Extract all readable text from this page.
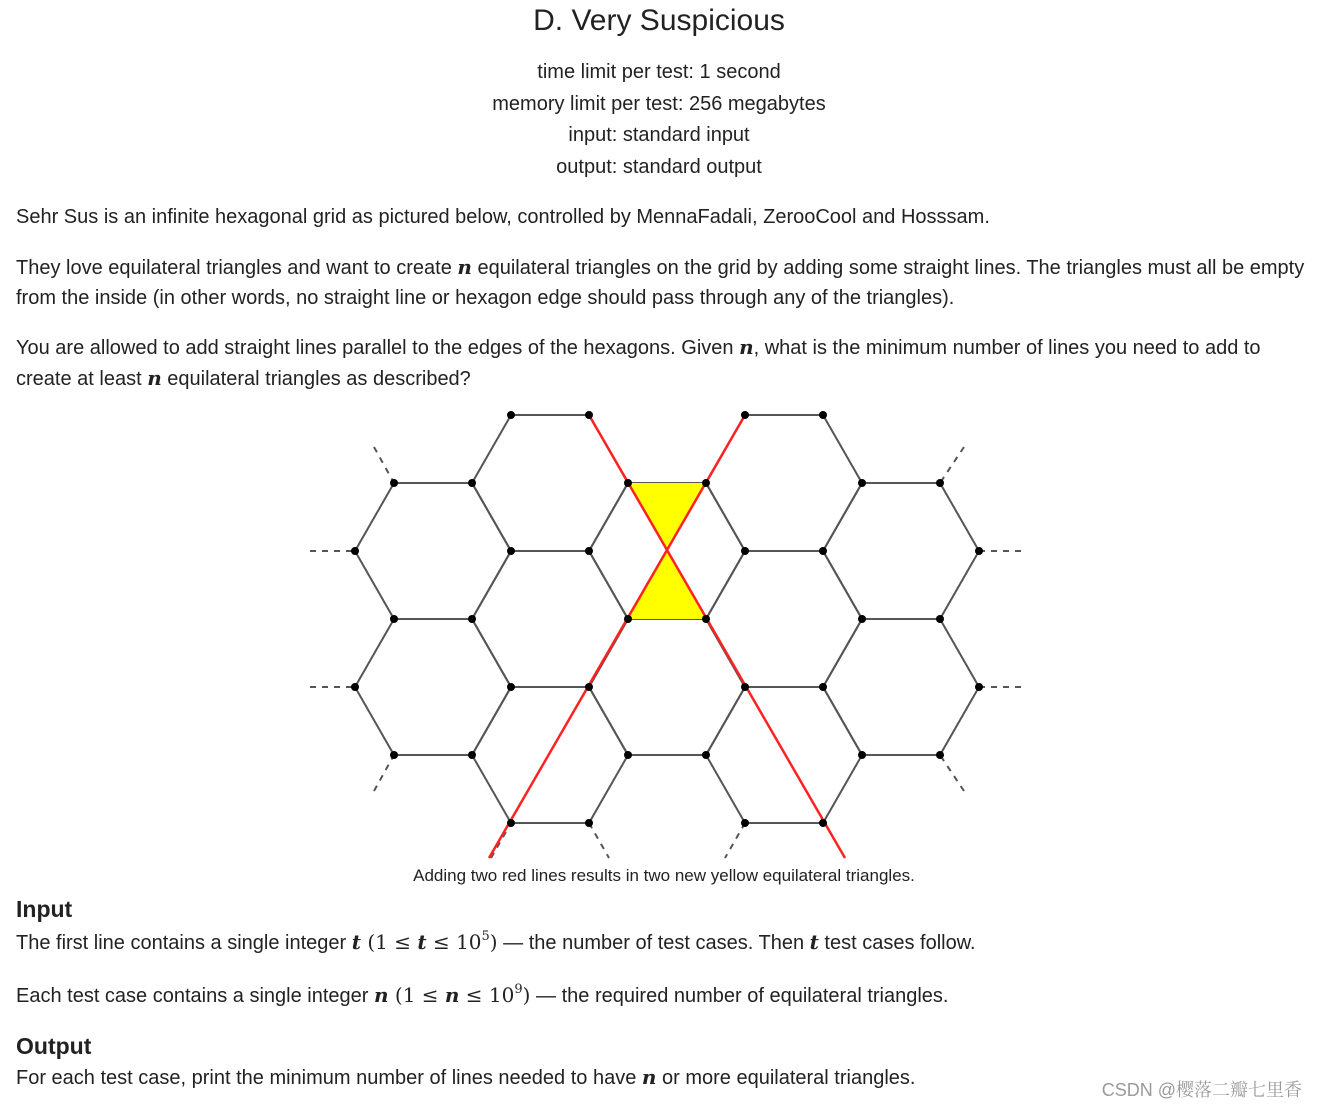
D. Very Suspicious
time limit per test: 1 second
memory limit per test: 256 megabytes
input: standard input
output: standard output
Sehr Sus is an infinite hexagonal grid as pictured below, controlled by MennaFadali, ZerooCool and Hosssam.
They love equilateral triangles and want to create n equilateral triangles on the grid by adding some straight lines. The triangles must all be empty from the inside (in other words, no straight line or hexagon edge should pass through any of the triangles).
You are allowed to add straight lines parallel to the edges of the hexagons. Given n, what is the minimum number of lines you need to add to create at least n equilateral triangles as described?
Adding two red lines results in two new yellow equilateral triangles.
Input
The first line contains a single integer t $(1 \le t \le 10^5)$ — the number of test cases. Then t test cases follow.
Each test case contains a single integer n $(1 \le n \le 10^9)$ — the required number of equilateral triangles.
Output
For each test case, print the minimum number of lines needed to have n or more equilateral triangles.
CSDN @樱落二瓣七里香
